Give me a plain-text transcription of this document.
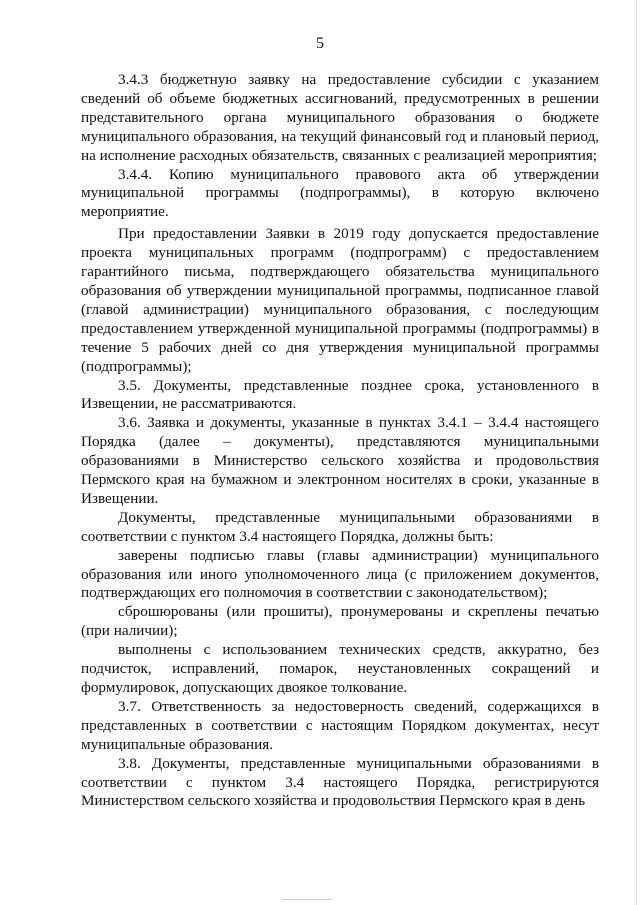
5

3.4.3 бюджетную заявку на предоставление субсидии с указанием сведений об объеме бюджетных ассигнований, предусмотренных в решении представительного органа муниципального образования о бюджете муниципального образования, на текущий финансовый год и плановый период, на исполнение расходных обязательств, связанных с реализацией мероприятия;

3.4.4. Копию муниципального правового акта об утверждении муниципальной программы (подпрограммы), в которую включено мероприятие.

При предоставлении Заявки в 2019 году допускается предоставление проекта муниципальных программ (подпрограмм) с предоставлением гарантийного письма, подтверждающего обязательства муниципального образования об утверждении муниципальной программы, подписанное главой (главой администрации) муниципального образования, с последующим предоставлением утвержденной муниципальной программы (подпрограммы) в течение 5 рабочих дней со дня утверждения муниципальной программы (подпрограммы);

3.5. Документы, представленные позднее срока, установленного в Извещении, не рассматриваются.

3.6. Заявка и документы, указанные в пунктах 3.4.1 – 3.4.4 настоящего Порядка (далее – документы), представляются муниципальными образованиями в Министерство сельского хозяйства и продовольствия Пермского края на бумажном и электронном носителях в сроки, указанные в Извещении.

Документы, представленные муниципальными образованиями в соответствии с пунктом 3.4 настоящего Порядка, должны быть:

заверены подписью главы (главы администрации) муниципального образования или иного уполномоченного лица (с приложением документов, подтверждающих его полномочия в соответствии с законодательством);

сброшюрованы (или прошиты), пронумерованы и скреплены печатью (при наличии);

выполнены с использованием технических средств, аккуратно, без подчисток, исправлений, помарок, неустановленных сокращений и формулировок, допускающих двоякое толкование.

3.7. Ответственность за недостоверность сведений, содержащихся в представленных в соответствии с настоящим Порядком документах, несут муниципальные образования.

3.8. Документы, представленные муниципальными образованиями в соответствии с пунктом 3.4 настоящего Порядка, регистрируются Министерством сельского хозяйства и продовольствия Пермского края в день
